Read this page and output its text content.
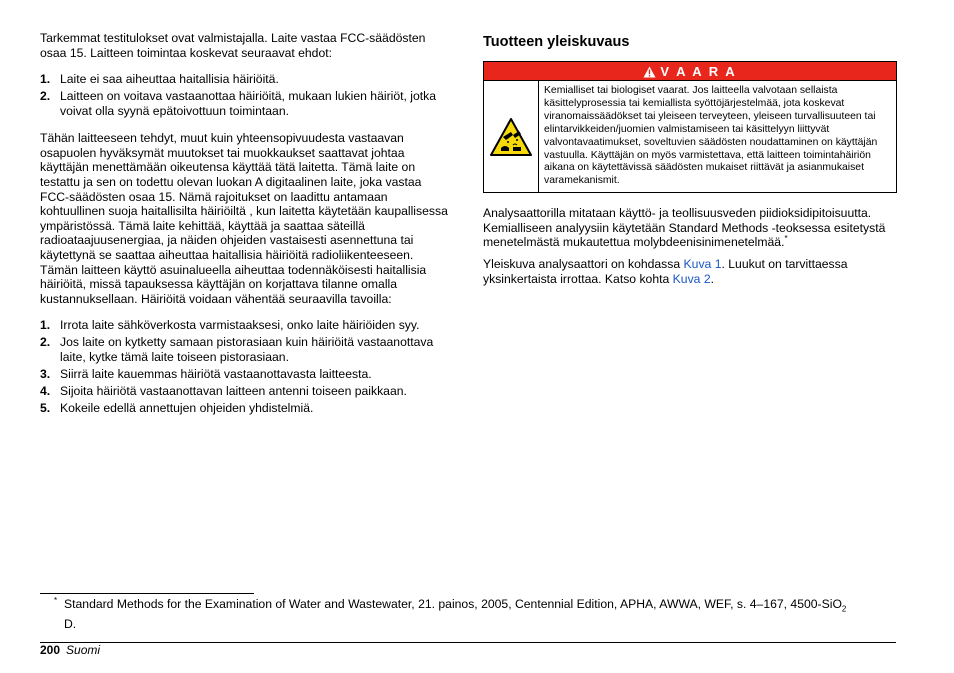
Tarkemmat testitulokset ovat valmistajalla. Laite vastaa FCC-säädösten osaa 15. Laitteen toimintaa koskevat seuraavat ehdot:

1. Laite ei saa aiheuttaa haitallisia häiriöitä.
2. Laitteen on voitava vastaanottaa häiriöitä, mukaan lukien häiriöt, jotka voivat olla syynä epätoivottuun toimintaan.

Tähän laitteeseen tehdyt, muut kuin yhteensopivuudesta vastaavan osapuolen hyväksymät muutokset tai muokkaukset saattavat johtaa käyttäjän menettämään oikeutensa käyttää tätä laitetta. Tämä laite on testattu ja sen on todettu olevan luokan A digitaalinen laite, joka vastaa FCC-säädösten osaa 15. Nämä rajoitukset on laadittu antamaan kohtuullinen suoja haitallisilta häiriöiltä , kun laitetta käytetään kaupallisessa ympäristössä. Tämä laite kehittää, käyttää ja saattaa säteillä radioataajuusenergiaa, ja näiden ohjeiden vastaisesti asennettuna tai käytettynä se saattaa aiheuttaa haitallisia häiriöitä radioliikenteeseen. Tämän laitteen käyttö asuinalueella aiheuttaa todennäköisesti haitallisia häiriöitä, missä tapauksessa käyttäjän on korjattava tilanne omalla kustannuksellaan. Häiriöitä voidaan vähentää seuraavilla tavoilla:

1. Irrota laite sähköverkosta varmistaaksesi, onko laite häiriöiden syy.
2. Jos laite on kytketty samaan pistorasiaan kuin häiriöitä vastaanottava laite, kytke tämä laite toiseen pistorasiaan.
3. Siirrä laite kauemmas häiriötä vastaanottavasta laitteesta.
4. Sijoita häiriötä vastaanottavan laitteen antenni toiseen paikkaan.
5. Kokeile edellä annettujen ohjeiden yhdistelmiä.
Tuotteen yleiskuvaus
V A A R A
Kemialliset tai biologiset vaarat. Jos laitteella valvotaan sellaista käsittelyprosessia tai kemiallista syöttöjärjestelmää, jota koskevat viranomaissäädökset tai yleiseen terveyteen, yleiseen turvallisuuteen tai elintarvikkeiden/juomien valmistamiseen tai käsittelyyn liittyvät valvontavaatimukset, soveltuvien säädösten noudattaminen on käyttäjän vastuulla. Käyttäjän on myös varmistettava, että laitteen toimintahäiriön aikana on käytettävissä säädösten mukaiset riittävät ja asianmukaiset varamekanismit.

Analysaattorilla mitataan käyttö- ja teollisuusveden piidioksidipitoisuutta. Kemialliseen analyysiin käytetään Standard Methods -teoksessa esitetystä menetelmästä mukautettua molybdeenisinimenetelmää.*

Yleiskuva analysaattori on kohdassa Kuva 1. Luukut on tarvittaessa yksinkertaista irrottaa. Katso kohta Kuva 2.

* Standard Methods for the Examination of Water and Wastewater, 21. painos, 2005, Centennial Edition, APHA, AWWA, WEF, s. 4–167, 4500-SiO$_2$
D.
200 Suomi
